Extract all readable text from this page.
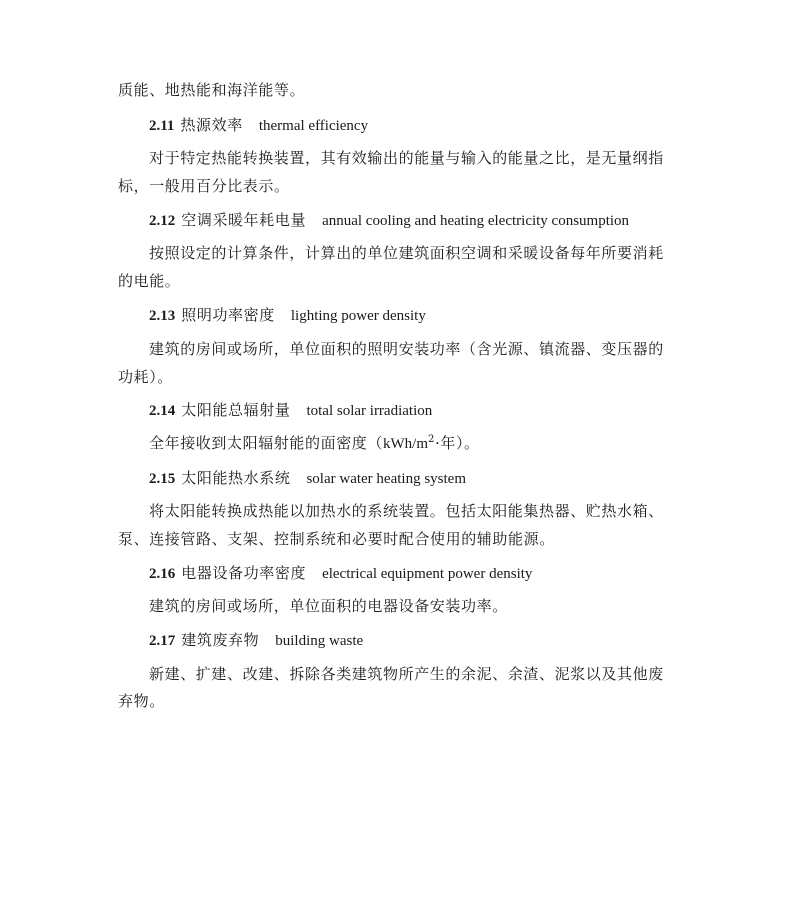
质能、地热能和海洋能等。
2.11 热源效率 thermal efficiency
对于特定热能转换装置，其有效输出的能量与输入的能量之比，是无量纲指
标，一般用百分比表示。
2.12 空调采暖年耗电量 annual cooling and heating electricity consumption
按照设定的计算条件，计算出的单位建筑面积空调和采暖设备每年所要消耗
的电能。
2.13 照明功率密度 lighting power density
建筑的房间或场所，单位面积的照明安装功率（含光源、镇流器、变压器的
功耗）。
2.14 太阳能总辐射量 total solar irradiation
全年接收到太阳辐射能的面密度（$kWh/m^2\cdot$年）。
2.15 太阳能热水系统 solar water heating system
将太阳能转换成热能以加热水的系统装置。包括太阳能集热器、贮热水箱、
泵、连接管路、支架、控制系统和必要时配合使用的辅助能源。
2.16 电器设备功率密度 electrical equipment power density
建筑的房间或场所，单位面积的电器设备安装功率。
2.17 建筑废弃物 building waste
新建、扩建、改建、拆除各类建筑物所产生的余泥、余渣、泥浆以及其他废
弃物。
